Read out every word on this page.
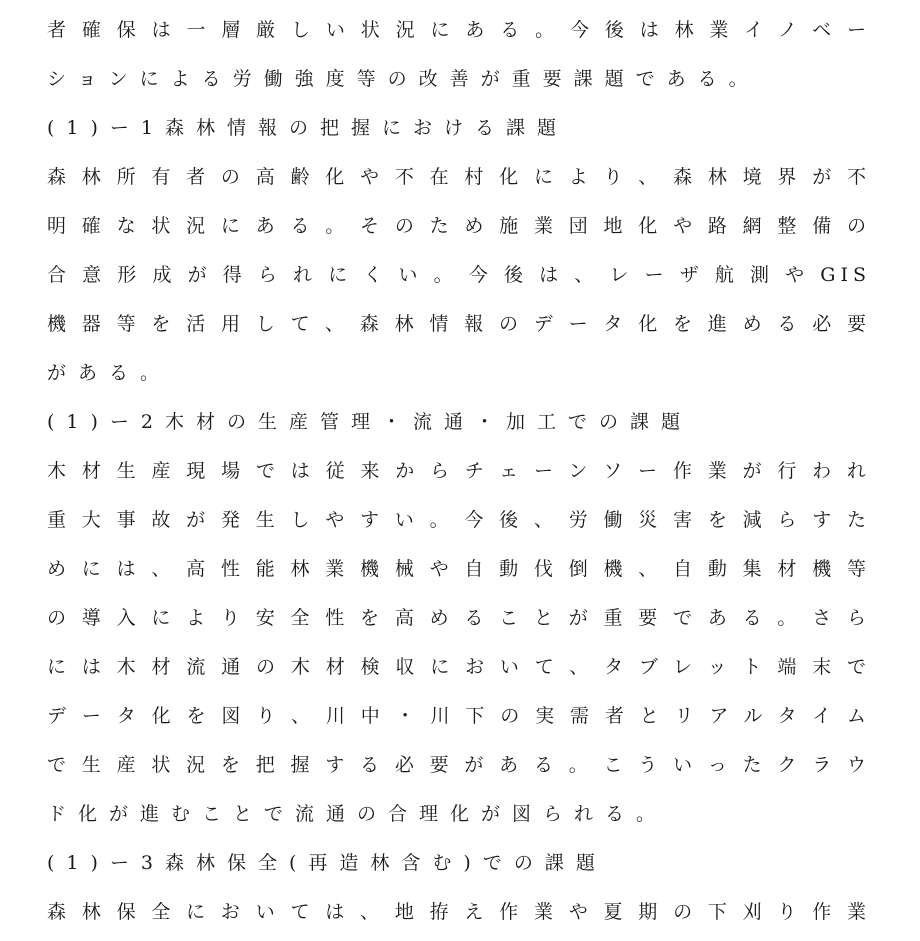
者確保は一層厳しい状況にある。今後は林業イノベー
ションによる労働強度等の改善が重要課題である。
(1)ー1森林情報の把握における課題
森林所有者の高齢化や不在村化により、森林境界が不
明確な状況にある。そのため施業団地化や路網整備の
合意形成が得られにくい。今後は、レーザ航測やGIS
機器等を活用して、森林情報のデータ化を進める必要
がある。
(1)ー2木材の生産管理・流通・加工での課題
木材生産現場では従来からチェーンソー作業が行われ
重大事故が発生しやすい。今後、労働災害を減らすた
めには、高性能林業機械や自動伐倒機、自動集材機等
の導入により安全性を高めることが重要である。さら
には木材流通の木材検収において、タブレット端末で
データ化を図り、川中・川下の実需者とリアルタイム
で生産状況を把握する必要がある。こういったクラウ
ド化が進むことで流通の合理化が図られる。
(1)ー3森林保全(再造林含む)での課題
森林保全においては、地拵え作業や夏期の下刈り作業
